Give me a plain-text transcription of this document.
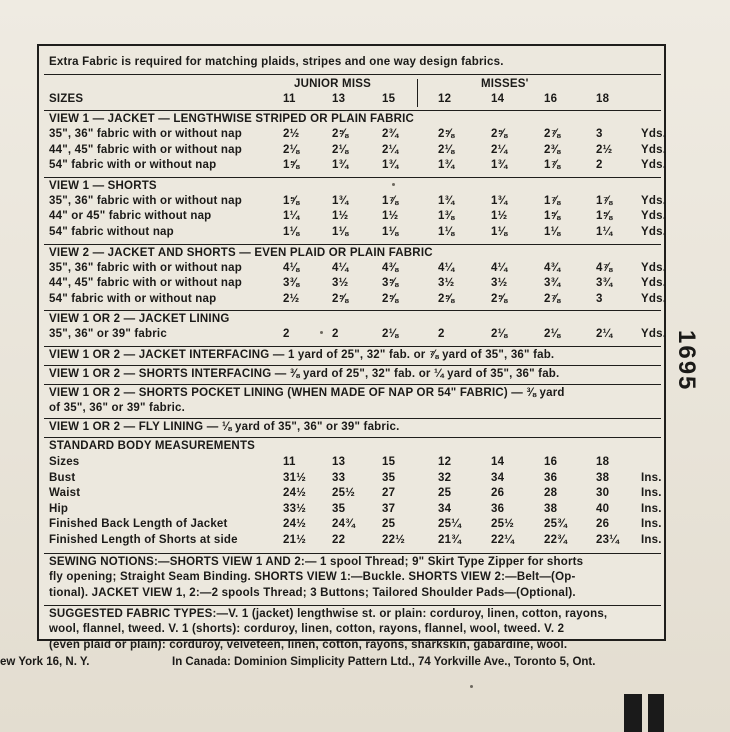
Extra Fabric is required for matching plaids, stripes and one way design fabrics.
JUNIOR MISS	MISSES'
SIZES	11	13	15	12	14	16	18
VIEW 1 — JACKET — LENGTHWISE STRIPED OR PLAIN FABRIC
35", 36" fabric with or without nap	2½	2⅝	2¾	2⅝	2⅝	2⅞	3	Yds.
44", 45" fabric with or without nap	2⅛	2⅛	2¼	2⅛	2¼	2⅜	2½ Yds.
54" fabric with or without nap	1⅝	1¾	1¾	1¾	1¾	1⅞	2	Yds.
VIEW 1 — SHORTS
35", 36" fabric with or without nap	1⅝	1¾	1⅞	1¾	1¾	1⅞	1⅞ Yds.
44" or 45" fabric without nap	1¼	1½	1½	1⅜	1½	1⅝	1⅝ Yds.
54" fabric without nap	1⅛	1⅛	1⅛	1⅛	1⅛	1⅛	1¼ Yds.
VIEW 2 — JACKET AND SHORTS — EVEN PLAID OR PLAIN FABRIC
35", 36" fabric with or without nap	4⅛	4¼	4⅜	4¼	4¼	4¾	4⅞ Yds.
44", 45" fabric with or without nap	3⅜	3½	3⅝	3½	3½	3¾	3¾ Yds.
54" fabric with or without nap	2½	2⅝	2⅝	2⅝	2⅝	2⅞	3	Yds.
VIEW 1 OR 2 — JACKET LINING
35", 36" or 39" fabric	2	2	2⅛	2	2⅛	2⅛	2¼ Yds.
VIEW 1 OR 2 — JACKET INTERFACING — 1 yard of 25", 32" fab. or ⅞ yard of 35", 36" fab.
VIEW 1 OR 2 — SHORTS INTERFACING — ⅜ yard of 25", 32" fab. or ¼ yard of 35", 36" fab.
VIEW 1 OR 2 — SHORTS POCKET LINING (WHEN MADE OF NAP OR 54" FABRIC) — ⅜ yard
of 35", 36" or 39" fabric.
VIEW 1 OR 2 — FLY LINING — ⅛ yard of 35", 36" or 39" fabric.
STANDARD BODY MEASUREMENTS
Sizes	11	13	15	12	14	16	18
Bust	31½ 33	35	32	34	36	38	Ins.
Waist	24½ 25½ 27	25	26	28	30	Ins.
Hip	33½ 35	37	34	36	38	40	Ins.
Finished Back Length of Jacket	24½ 24¾ 25	25¼	25½	25¾	26	Ins.
Finished Length of Shorts at side	21½ 22	22½	21¾	22¼	22¾	23¼ Ins.
SEWING NOTIONS:—SHORTS VIEW 1 AND 2:— 1 spool Thread; 9" Skirt Type Zipper for shorts
fly opening; Straight Seam Binding. SHORTS VIEW 1:—Buckle. SHORTS VIEW 2:—Belt—(Op-
tional). JACKET VIEW 1, 2:—2 spools Thread; 3 Buttons; Tailored Shoulder Pads—(Optional).
SUGGESTED FABRIC TYPES:—V. 1 (jacket) lengthwise st. or plain: corduroy, linen, cotton, rayons,
wool, flannel, tweed. V. 1 (shorts): corduroy, linen, cotton, rayons, flannel, wool, tweed. V. 2
(even plaid or plain): corduroy, velveteen, linen, cotton, rayons, sharkskin, gabardine, wool.
1695
ew York 16, N. Y.	In Canada: Dominion Simplicity Pattern Ltd., 74 Yorkville Ave., Toronto 5, Ont.
